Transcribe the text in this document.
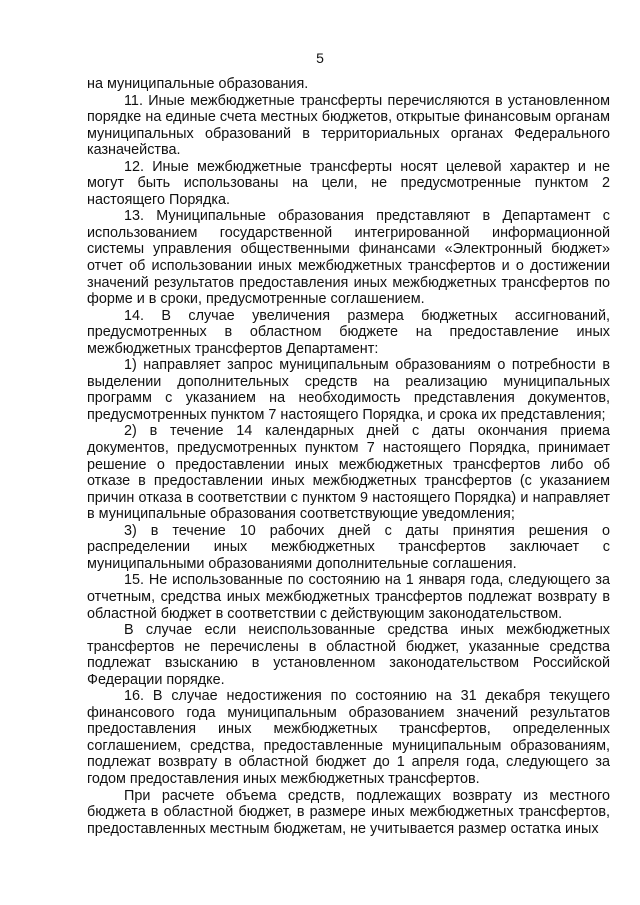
5

на муниципальные образования.

11. Иные межбюджетные трансферты перечисляются в установленном порядке на единые счета местных бюджетов, открытые финансовым органам муниципальных образований в территориальных органах Федерального казначейства.

12. Иные межбюджетные трансферты носят целевой характер и не могут быть использованы на цели, не предусмотренные пунктом 2 настоящего Порядка.

13. Муниципальные образования представляют в Департамент с использованием государственной интегрированной информационной системы управления общественными финансами «Электронный бюджет» отчет об использовании иных межбюджетных трансфертов и о достижении значений результатов предоставления иных межбюджетных трансфертов по форме и в сроки, предусмотренные соглашением.

14. В случае увеличения размера бюджетных ассигнований, предусмотренных в областном бюджете на предоставление иных межбюджетных трансфертов Департамент:

1) направляет запрос муниципальным образованиям о потребности в выделении дополнительных средств на реализацию муниципальных программ с указанием на необходимость представления документов, предусмотренных пунктом 7 настоящего Порядка, и срока их представления;

2) в течение 14 календарных дней с даты окончания приема документов, предусмотренных пунктом 7 настоящего Порядка, принимает решение о предоставлении иных межбюджетных трансфертов либо об отказе в предоставлении иных межбюджетных трансфертов (с указанием причин отказа в соответствии с пунктом 9 настоящего Порядка) и направляет в муниципальные образования соответствующие уведомления;

3) в течение 10 рабочих дней с даты принятия решения о распределении иных межбюджетных трансфертов заключает с муниципальными образованиями дополнительные соглашения.

15. Не использованные по состоянию на 1 января года, следующего за отчетным, средства иных межбюджетных трансфертов подлежат возврату в областной бюджет в соответствии с действующим законодательством.

В случае если неиспользованные средства иных межбюджетных трансфертов не перечислены в областной бюджет, указанные средства подлежат взысканию в установленном законодательством Российской Федерации порядке.

16. В случае недостижения по состоянию на 31 декабря текущего финансового года муниципальным образованием значений результатов предоставления иных межбюджетных трансфертов, определенных соглашением, средства, предоставленные муниципальным образованиям, подлежат возврату в областной бюджет до 1 апреля года, следующего за годом предоставления иных межбюджетных трансфертов.

При расчете объема средств, подлежащих возврату из местного бюджета в областной бюджет, в размере иных межбюджетных трансфертов, предоставленных местным бюджетам, не учитывается размер остатка иных
